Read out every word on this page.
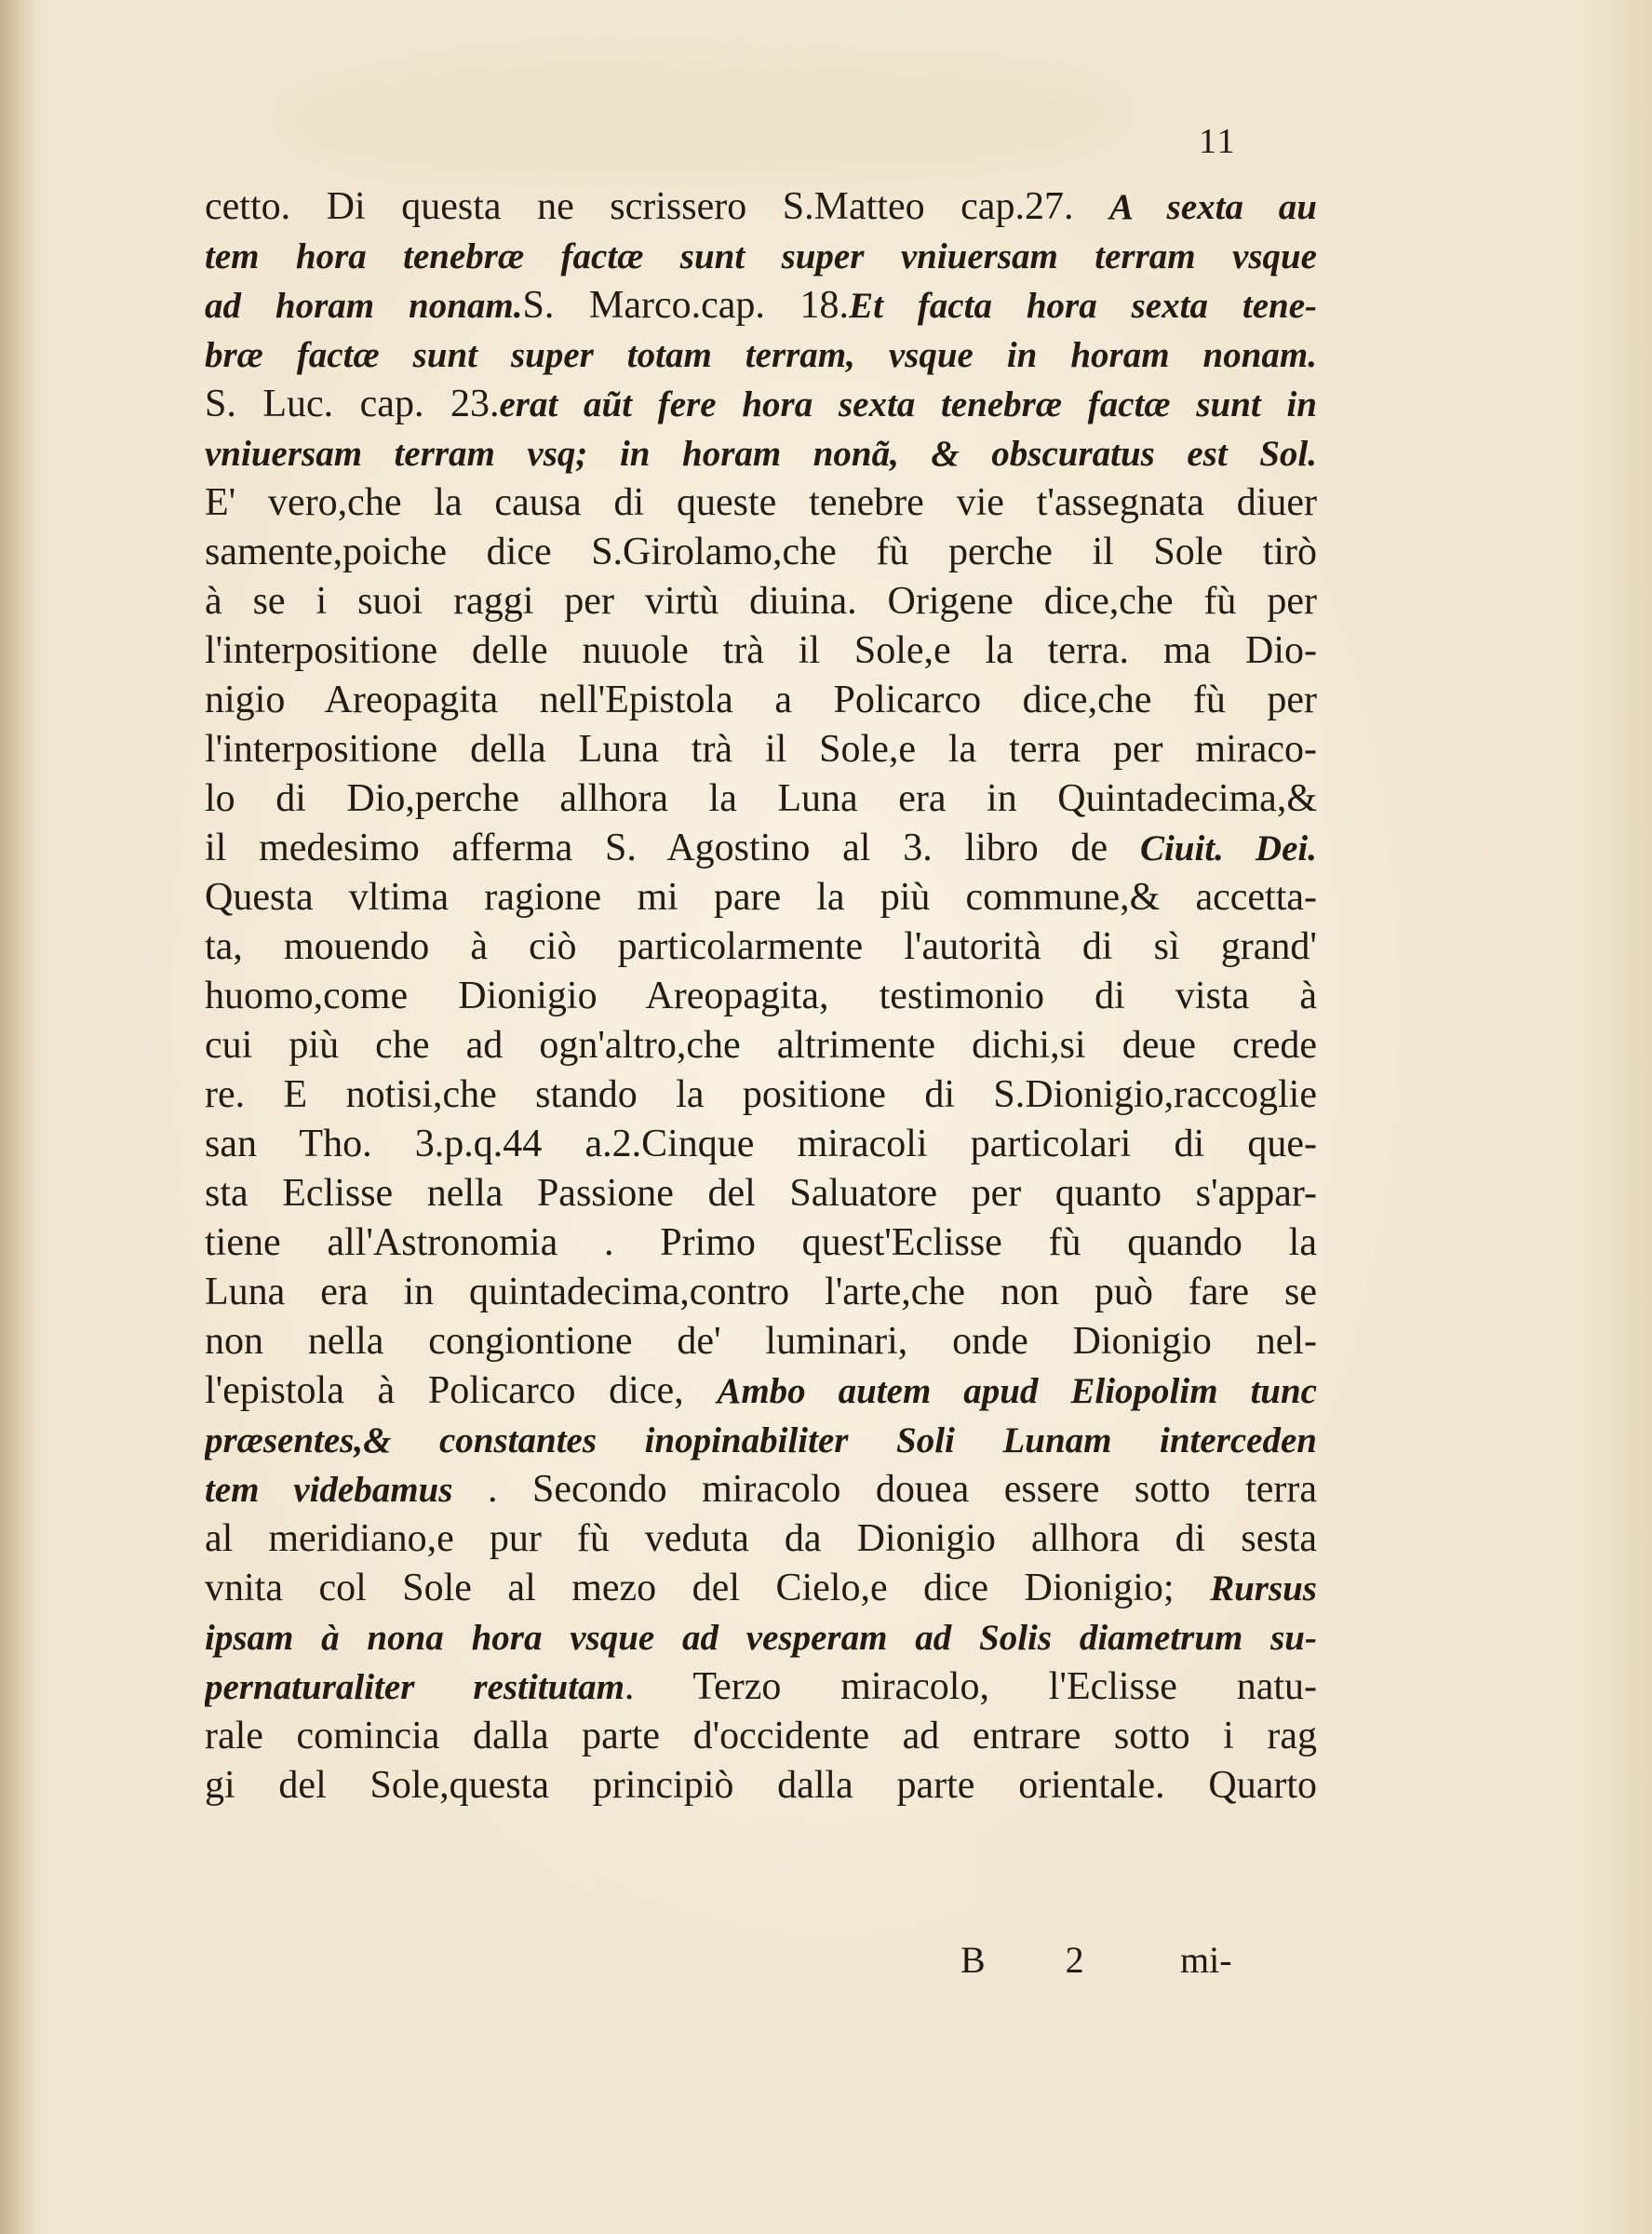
11
cetto. Di questa ne scrissero S.Matteo cap.27. A sexta au
tem hora tenebræ factæ sunt super vniuersam terram vsque
ad horam nonam.S. Marco.cap. 18.Et facta hora sexta tene-
bræ factæ sunt super totam terram, vsque in horam nonam.
S. Luc. cap. 23.erat aũt fere hora sexta tenebræ factæ sunt in
vniuersam terram vsq; in horam nonã, & obscuratus est Sol.
E' vero,che la causa di queste tenebre vie t'assegnata diuer
samente,poiche dice S.Girolamo,che fù perche il Sole tirò
à se i suoi raggi per virtù diuina. Origene dice,che fù per
l'interpositione delle nuuole trà il Sole,e la terra. ma Dio-
nigio Areopagita nell'Epistola a Policarco dice,che fù per
l'interpositione della Luna trà il Sole,e la terra per miraco-
lo di Dio,perche allhora la Luna era in Quintadecima,&
il medesimo afferma S. Agostino al 3. libro de Ciuit. Dei.
Questa vltima ragione mi pare la più commune,& accetta-
ta, mouendo à ciò particolarmente l'autorità di sì grand'
huomo,come Dionigio Areopagita, testimonio di vista à
cui più che ad ogn'altro,che altrimente dichi,si deue crede
re. E notisi,che stando la positione di S.Dionigio,raccoglie
san Tho. 3.p.q.44 a.2.Cinque miracoli particolari di que-
sta Eclisse nella Passione del Saluatore per quanto s'appar-
tiene all'Astronomia . Primo quest'Eclisse fù quando la
Luna era in quintadecima,contro l'arte,che non può fare se
non nella congiontione de' luminari, onde Dionigio nel-
l'epistola à Policarco dice, Ambo autem apud Eliopolim tunc
præsentes,& constantes inopinabiliter Soli Lunam interceden
tem videbamus . Secondo miracolo douea essere sotto terra
al meridiano,e pur fù veduta da Dionigio allhora di sesta
vnita col Sole al mezo del Cielo,e dice Dionigio; Rursus
ipsam à nona hora vsque ad vesperam ad Solis diametrum su-
pernaturaliter restitutam. Terzo miracolo, l'Eclisse natu-
rale comincia dalla parte d'occidente ad entrare sotto i rag
gi del Sole,questa principiò dalla parte orientale. Quarto
B 2 mi-
